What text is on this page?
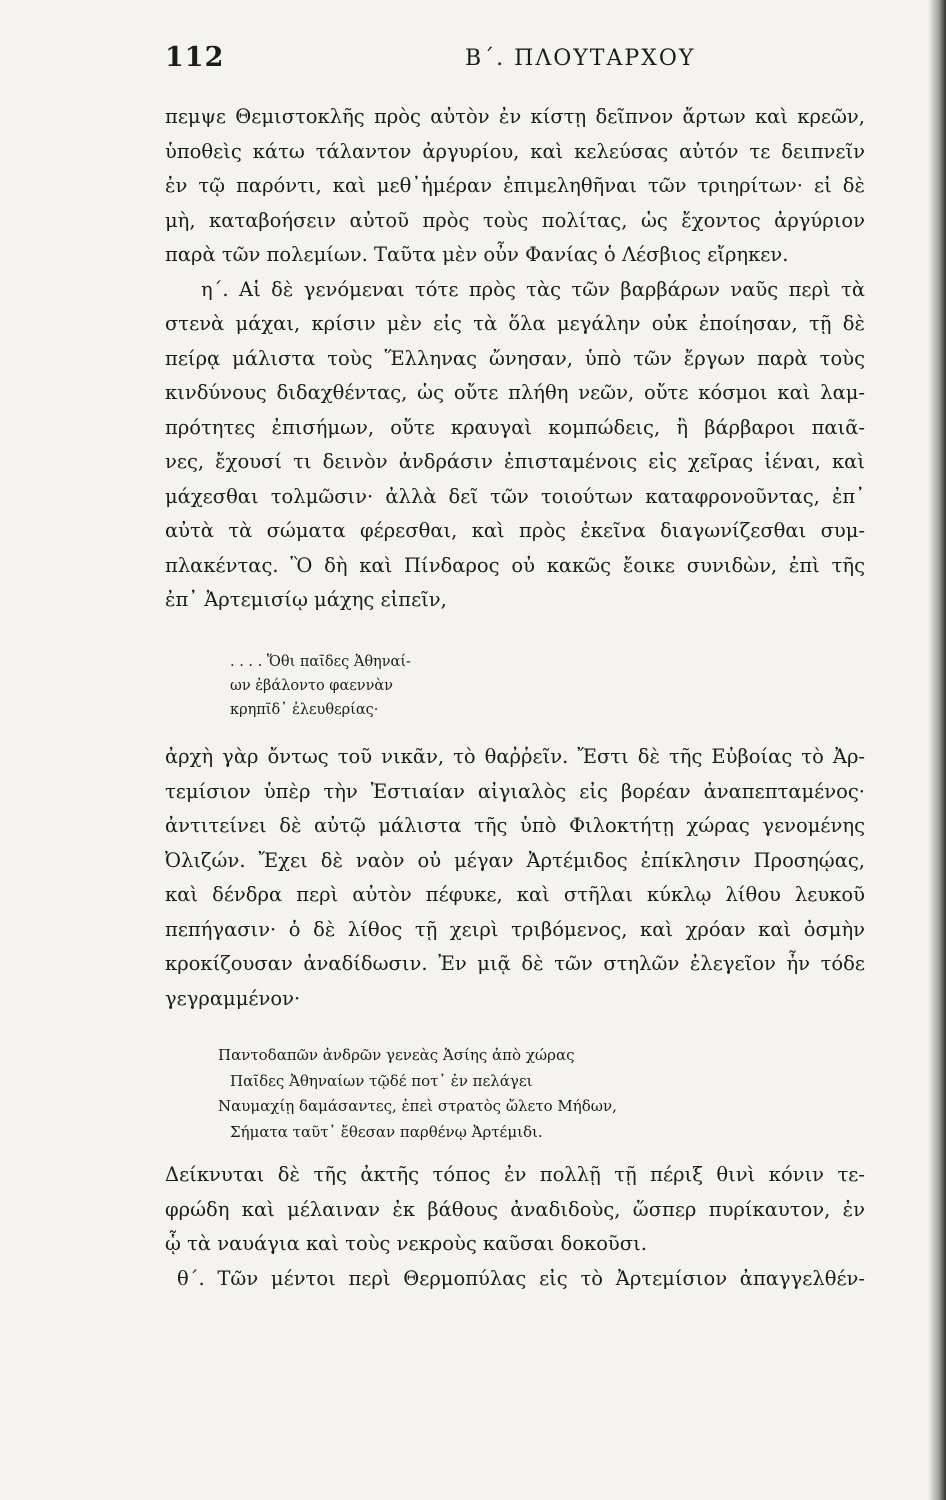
112	Β΄. ΠΛΟΥΤΑΡΧΟΥ
πεμψε Θεμιστοκλῆς πρὸς αὐτὸν ἐν κίστῃ δεῖπνον ἄρτων καὶ κρεῶν,
ὑποθεὶς κάτω τάλαντον ἀργυρίου, καὶ κελεύσας αὐτόν τε δειπνεῖν
ἐν τῷ παρόντι, καὶ μεθ᾽ἡμέραν ἐπιμεληθῆναι τῶν τριηρίτων· εἰ δὲ
μὴ, καταβοήσειν αὐτοῦ πρὸς τοὺς πολίτας, ὡς ἔχοντος ἀργύριον
παρὰ τῶν πολεμίων. Ταῦτα μὲν οὖν Φανίας ὁ Λέσβιος εἴρηκεν.
η΄. Αἱ δὲ γενόμεναι τότε πρὸς τὰς τῶν βαρβάρων ναῦς περὶ τὰ
στενὰ μάχαι, κρίσιν μὲν εἰς τὰ ὅλα μεγάλην οὐκ ἐποίησαν, τῇ δὲ
πείρᾳ μάλιστα τοὺς Ἕλληνας ὤνησαν, ὑπὸ τῶν ἔργων παρὰ τοὺς
κινδύνους διδαχθέντας, ὡς οὔτε πλήθη νεῶν, οὔτε κόσμοι καὶ λαμ-
πρότητες ἐπισήμων, οὔτε κραυγαὶ κομπώδεις, ἢ βάρβαροι παιᾶ-
νες, ἔχουσί τι δεινὸν ἀνδράσιν ἐπισταμένοις εἰς χεῖρας ἰέναι, καὶ
μάχεσθαι τολμῶσιν· ἀλλὰ δεῖ τῶν τοιούτων καταφρονοῦντας, ἐπ᾽
αὐτὰ τὰ σώματα φέρεσθαι, καὶ πρὸς ἐκεῖνα διαγωνίζεσθαι συμ-
πλακέντας. Ὃ δὴ καὶ Πίνδαρος οὐ κακῶς ἔοικε συνιδὼν, ἐπὶ τῆς
ἐπ᾽ Ἀρτεμισίῳ μάχης εἰπεῖν,
. . . . Ὅθι παῖδες Ἀθηναί-
ων ἐβάλοντο φαεννὰν
κρηπῖδ᾽ ἐλευθερίας·
ἀρχὴ γὰρ ὄντως τοῦ νικᾶν, τὸ θαῤῥεῖν. Ἔστι δὲ τῆς Εὐβοίας τὸ Ἀρ-
τεμίσιον ὑπὲρ τὴν Ἑστιαίαν αἰγιαλὸς εἰς βορέαν ἀναπεπταμένος·
ἀντιτείνει δὲ αὐτῷ μάλιστα τῆς ὑπὸ Φιλοκτήτῃ χώρας γενομένης
Ὀλιζών. Ἔχει δὲ ναὸν οὐ μέγαν Ἀρτέμιδος ἐπίκλησιν Προσηῴας,
καὶ δένδρα περὶ αὐτὸν πέφυκε, καὶ στῆλαι κύκλῳ λίθου λευκοῦ
πεπήγασιν· ὁ δὲ λίθος τῇ χειρὶ τριβόμενος, καὶ χρόαν καὶ ὀσμὴν
κροκίζουσαν ἀναδίδωσιν. Ἐν μιᾷ δὲ τῶν στηλῶν ἐλεγεῖον ἦν τόδε
γεγραμμένον·
Παντοδαπῶν ἀνδρῶν γενεὰς Ἀσίης ἀπὸ χώρας
Παῖδες Ἀθηναίων τῷδέ ποτ᾽ ἐν πελάγει
Ναυμαχίῃ δαμάσαντες, ἐπεὶ στρατὸς ὤλετο Μήδων,
Σήματα ταῦτ᾽ ἔθεσαν παρθένῳ Ἀρτέμιδι.
Δείκνυται δὲ τῆς ἀκτῆς τόπος ἐν πολλῇ τῇ πέριξ θινὶ κόνιν τε-
φρώδη καὶ μέλαιναν ἐκ βάθους ἀναδιδοὺς, ὥσπερ πυρίκαυτον, ἐν
ᾧ τὰ ναυάγια καὶ τοὺς νεκροὺς καῦσαι δοκοῦσι.
θ΄. Τῶν μέντοι περὶ Θερμοπύλας εἰς τὸ Ἀρτεμίσιον ἀπαγγελθέν-
